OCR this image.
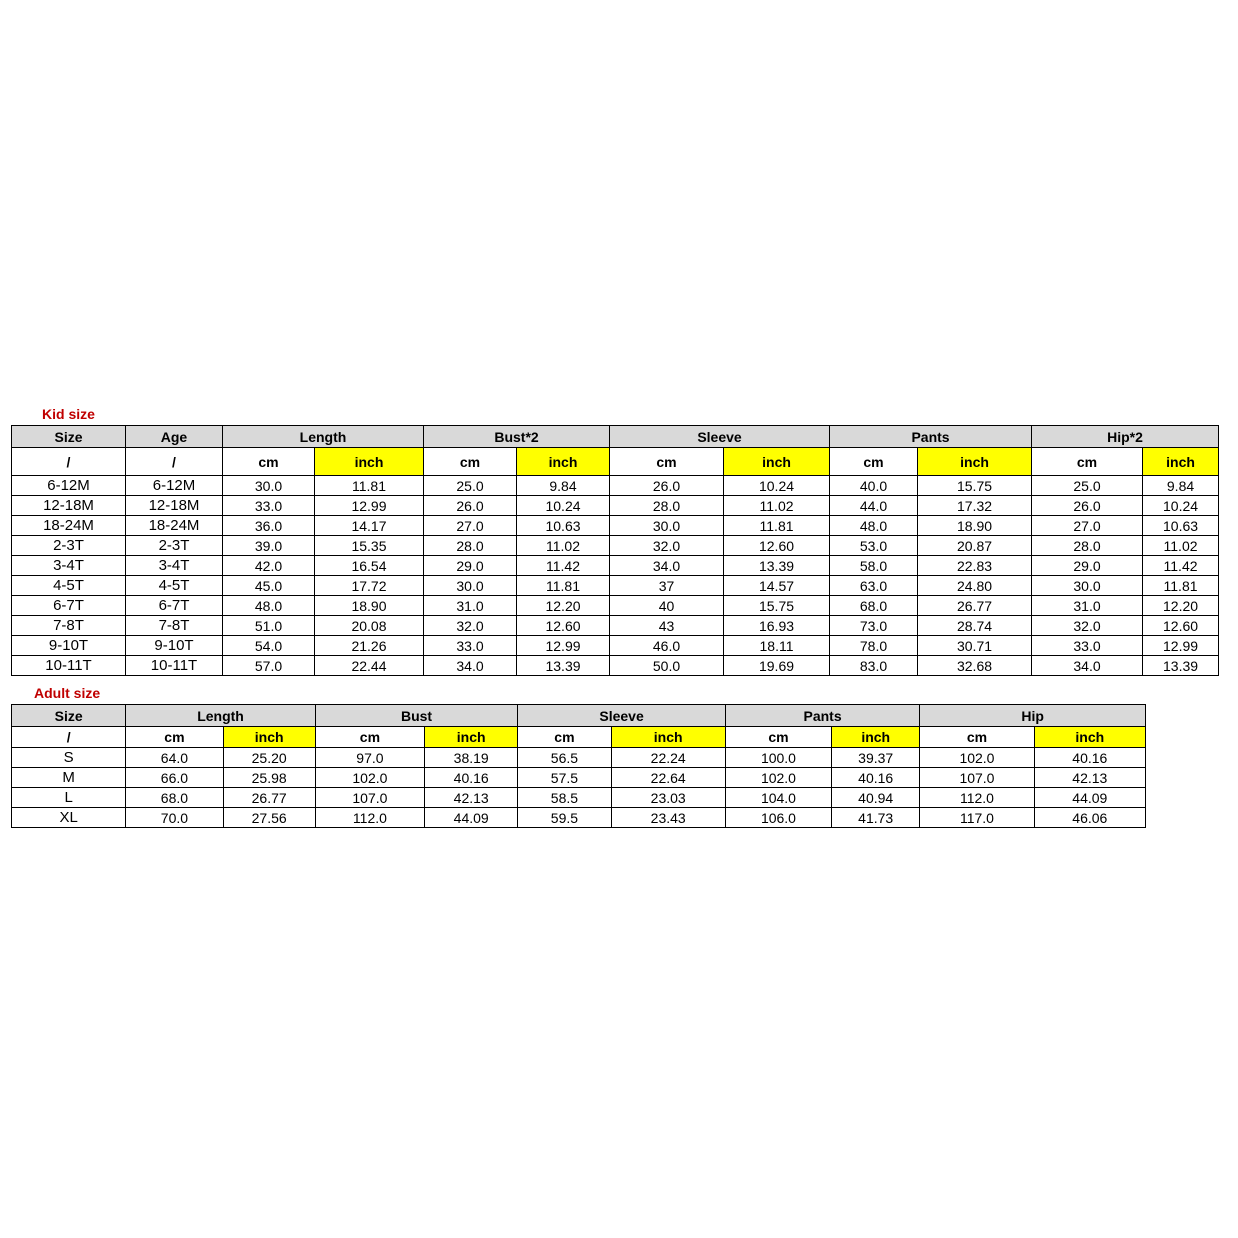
Kid size
Size	Age	Length		Bust*2		Sleeve		Pants		Hip*2	
/	/	cm	inch	cm	inch	cm	inch	cm	inch	cm	inch
6-12M	6-12M	30.0	11.81	25.0	9.84	26.0	10.24	40.0	15.75	25.0	9.84
12-18M	12-18M	33.0	12.99	26.0	10.24	28.0	11.02	44.0	17.32	26.0	10.24
18-24M	18-24M	36.0	14.17	27.0	10.63	30.0	11.81	48.0	18.90	27.0	10.63
2-3T	2-3T	39.0	15.35	28.0	11.02	32.0	12.60	53.0	20.87	28.0	11.02
3-4T	3-4T	42.0	16.54	29.0	11.42	34.0	13.39	58.0	22.83	29.0	11.42
4-5T	4-5T	45.0	17.72	30.0	11.81	37	14.57	63.0	24.80	30.0	11.81
6-7T	6-7T	48.0	18.90	31.0	12.20	40	15.75	68.0	26.77	31.0	12.20
7-8T	7-8T	51.0	20.08	32.0	12.60	43	16.93	73.0	28.74	32.0	12.60
9-10T	9-10T	54.0	21.26	33.0	12.99	46.0	18.11	78.0	30.71	33.0	12.99
10-11T	10-11T	57.0	22.44	34.0	13.39	50.0	19.69	83.0	32.68	34.0	13.39
Adult size
Size	Length		Bust		Sleeve		Pants		Hip	
/	cm	inch	cm	inch	cm	inch	cm	inch	cm	inch
S	64.0	25.20	97.0	38.19	56.5	22.24	100.0	39.37	102.0	40.16
M	66.0	25.98	102.0	40.16	57.5	22.64	102.0	40.16	107.0	42.13
L	68.0	26.77	107.0	42.13	58.5	23.03	104.0	40.94	112.0	44.09
XL	70.0	27.56	112.0	44.09	59.5	23.43	106.0	41.73	117.0	46.06
